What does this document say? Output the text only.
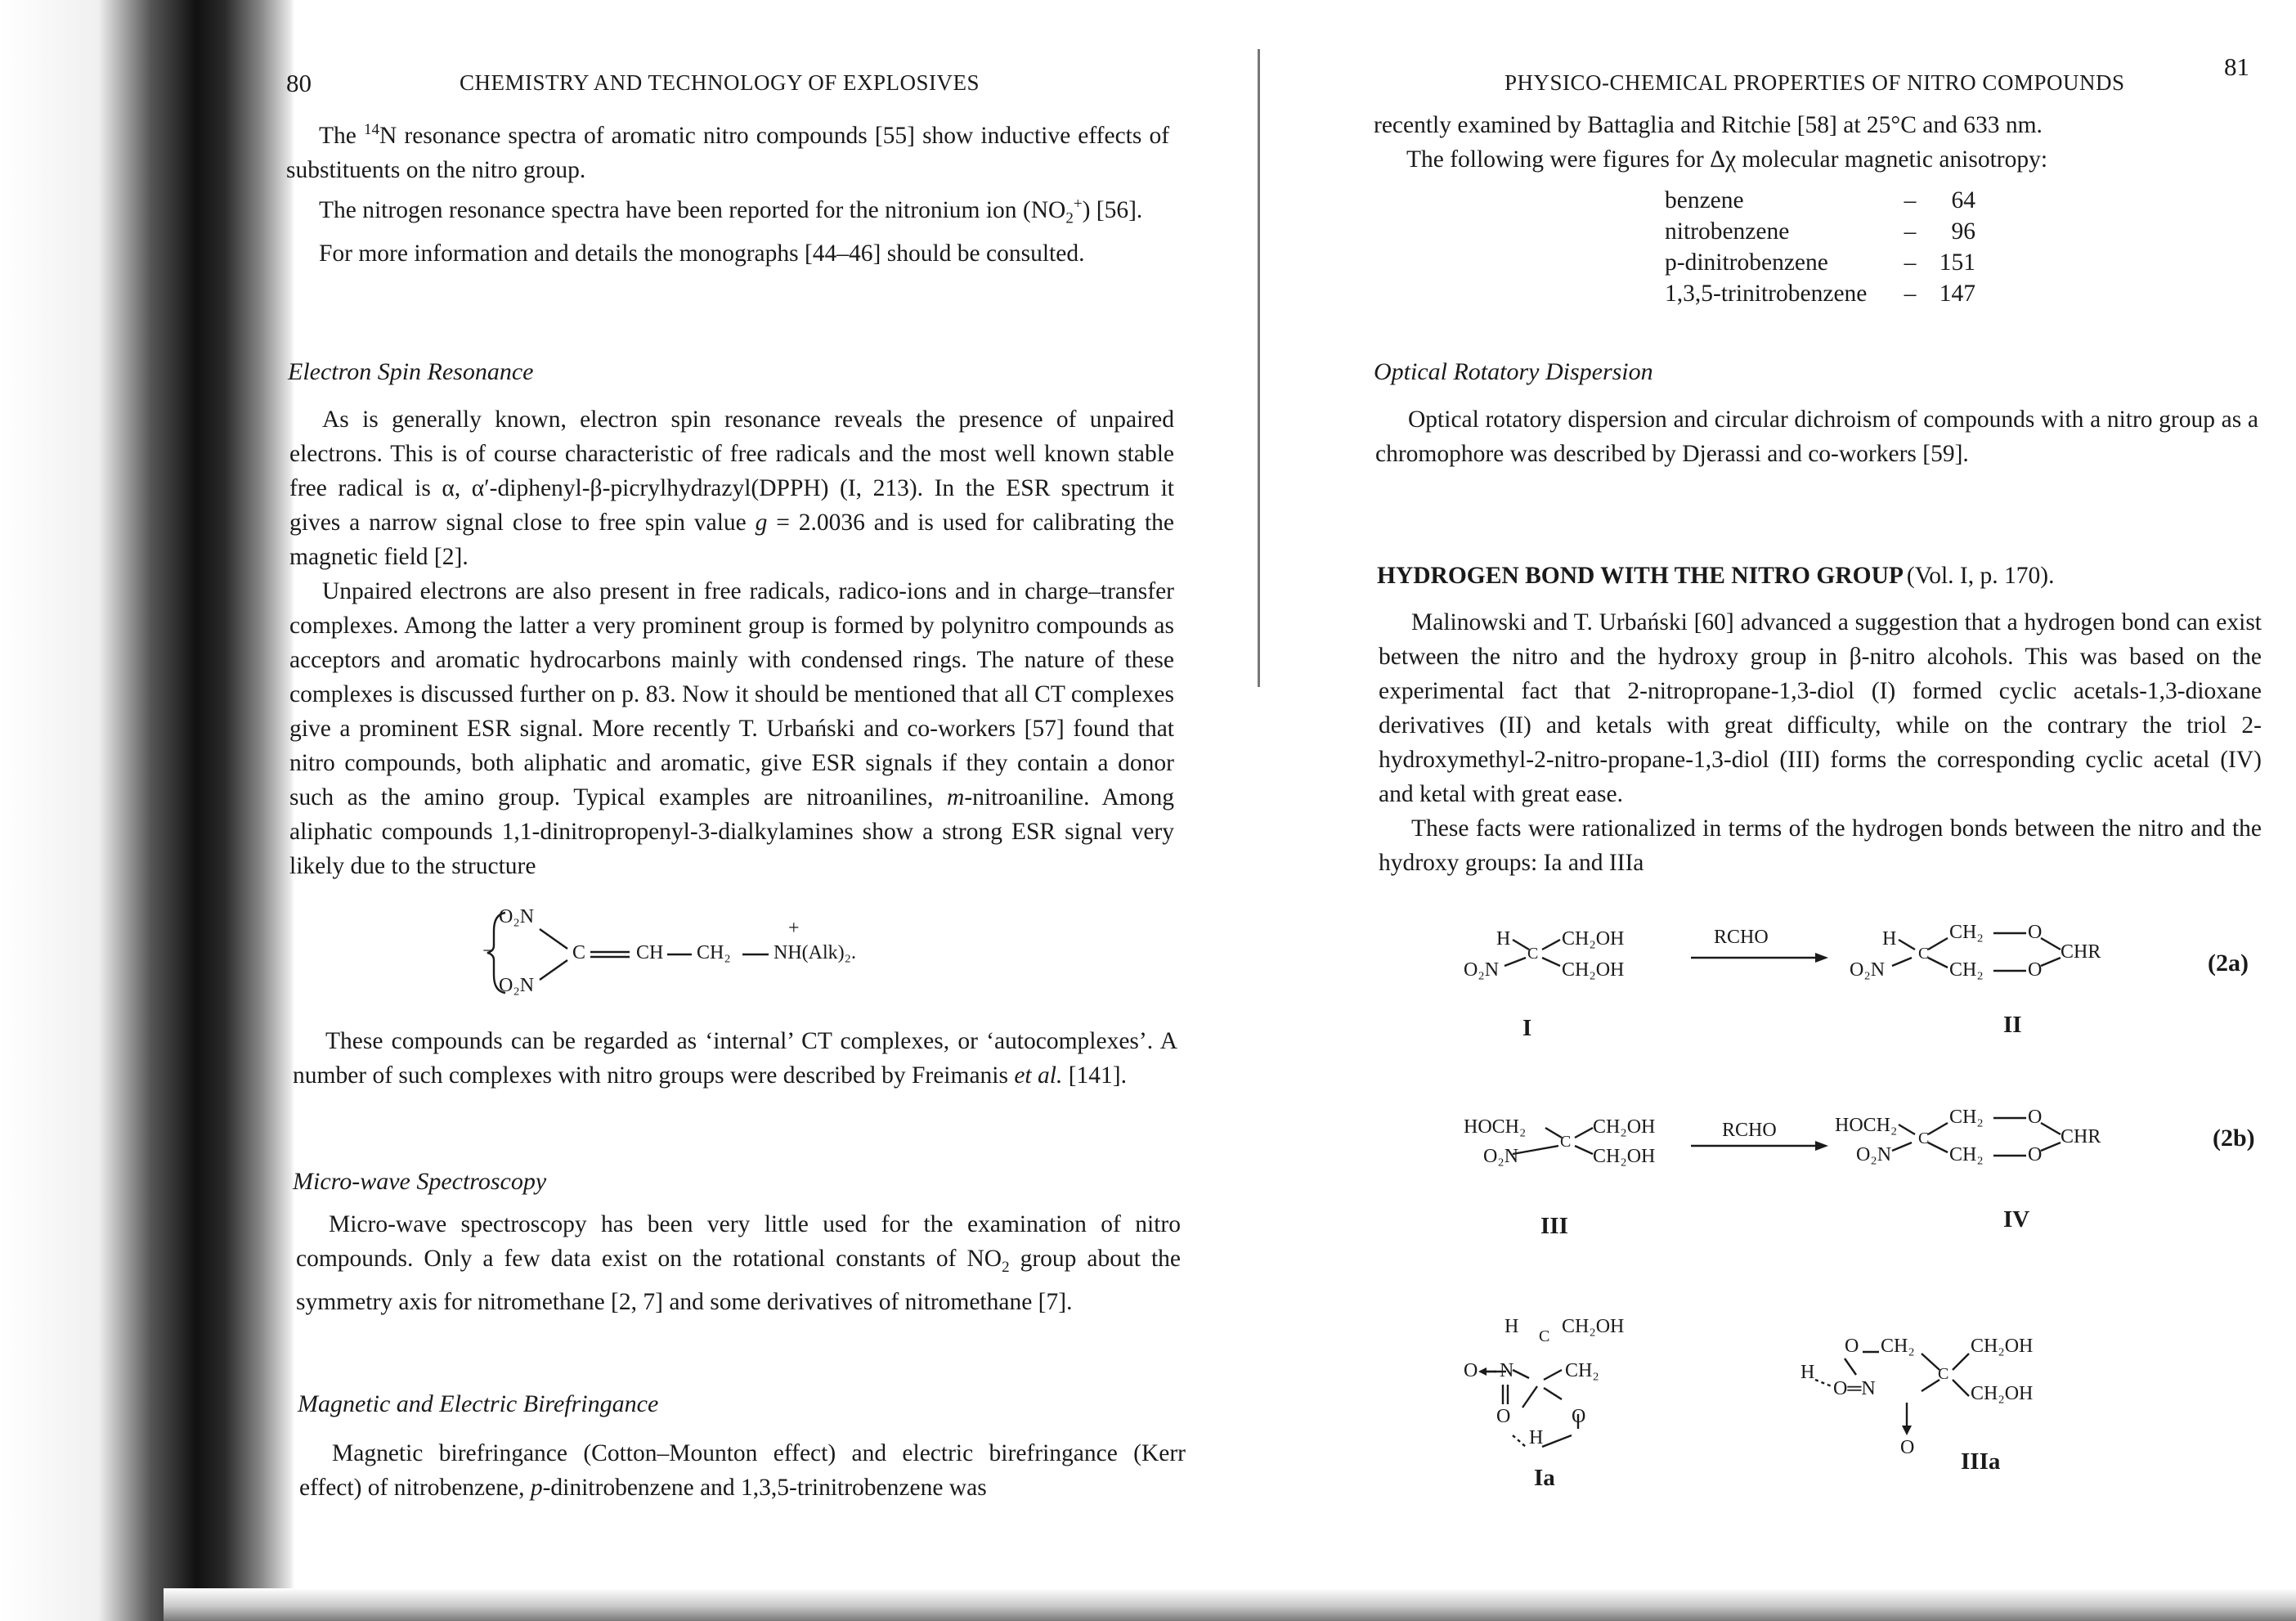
80	CHEMISTRY AND TECHNOLOGY OF EXPLOSIVES

The $^{14}$N resonance spectra of aromatic nitro compounds [55] show inductive effects of substituents on the nitro group.

The nitrogen resonance spectra have been reported for the nitronium ion $(NO_2^+)$ [56].

For more information and details the monographs [44–46] should be consulted.

Electron Spin Resonance

As is generally known, electron spin resonance reveals the presence of unpaired electrons. This is of course characteristic of free radicals and the most well known stable free radical is α, α′-diphenyl-β-picrylhydrazyl(DPPH) (I, 213). In the ESR spectrum it gives a narrow signal close to free spin value g = 2.0036 and is used for calibrating the magnetic field [2].

Unpaired electrons are also present in free radicals, radico-ions and in charge–transfer complexes. Among the latter a very prominent group is formed by polynitro compounds as acceptors and aromatic hydrocarbons mainly with condensed rings. The nature of these complexes is discussed further on p. 83. Now it should be mentioned that all CT complexes give a prominent ESR signal. More recently T. Urbański and co-workers [57] found that nitro compounds, both aliphatic and aromatic, give ESR signals if they contain a donor such as the amino group. Typical examples are nitroanilines, m-nitroaniline. Among aliphatic compounds 1,1-dinitropropenyl-3-dialkylamines show a strong ESR signal very likely due to the structure

−
O₂N
O₂N
C	CH CH₂ NH(Alk)₂.
+

These compounds can be regarded as ‘internal’ CT complexes, or ‘autocomplexes’. A number of such complexes with nitro groups were described by Freimanis et al. [141].

Micro-wave Spectroscopy

Micro-wave spectroscopy has been very little used for the examination of nitro compounds. Only a few data exist on the rotational constants of $NO_2$ group about the symmetry axis for nitromethane [2, 7] and some derivatives of nitromethane [7].

Magnetic and Electric Birefringance

Magnetic birefringance (Cotton–Mounton effect) and electric birefringance (Kerr effect) of nitrobenzene, p-dinitrobenzene and 1,3,5-trinitrobenzene was

PHYSICO-CHEMICAL PROPERTIES OF NITRO COMPOUNDS
81

recently examined by Battaglia and Ritchie [58] at 25°C and 633 nm.

The following were figures for Δχ molecular magnetic anisotropy:

benzene	–	64
nitrobenzene	–	96
p-dinitrobenzene	– 151
1,3,5-trinitrobenzene	– 147
Optical Rotatory Dispersion

Optical rotatory dispersion and circular dichroism of compounds with a nitro group as a chromophore was described by Djerassi and co-workers [59].

HYDROGEN BOND WITH THE NITRO GROUP (Vol. I, p. 170).

Malinowski and T. Urbański [60] advanced a suggestion that a hydrogen bond can exist between the nitro and the hydroxy group in β-nitro alcohols. This was based on the experimental fact that 2-nitropropane-1,3-diol (I) formed cyclic acetals-1,3-dioxane derivatives (II) and ketals with great difficulty, while on the contrary the triol 2-hydroxymethyl-2-nitro-propane-1,3-diol (III) forms the corresponding cyclic acetal (IV) and ketal with great ease.

These facts were rationalized in terms of the hydrogen bonds between the nitro and the hydroxy groups: Ia and IIIa

H	CH₂OH
C
O₂N	CH₂OH
I
RCHO	H
C
O₂N
CH₂
CH₂
O
O
CHR
II
(2a)
HOCH₂	CH₂OH
C
O₂N	CH₂OH
III
RCHO	HOCH₂
C
O₂N
CH₂
CH₂
O
O
CHR
IV
(2b)
H C CH₂OH
O N	CH₂
O	O
H
Ia
O CH₂
H	C
CH₂OH
O═N	CH₂OH
O
IIIa
